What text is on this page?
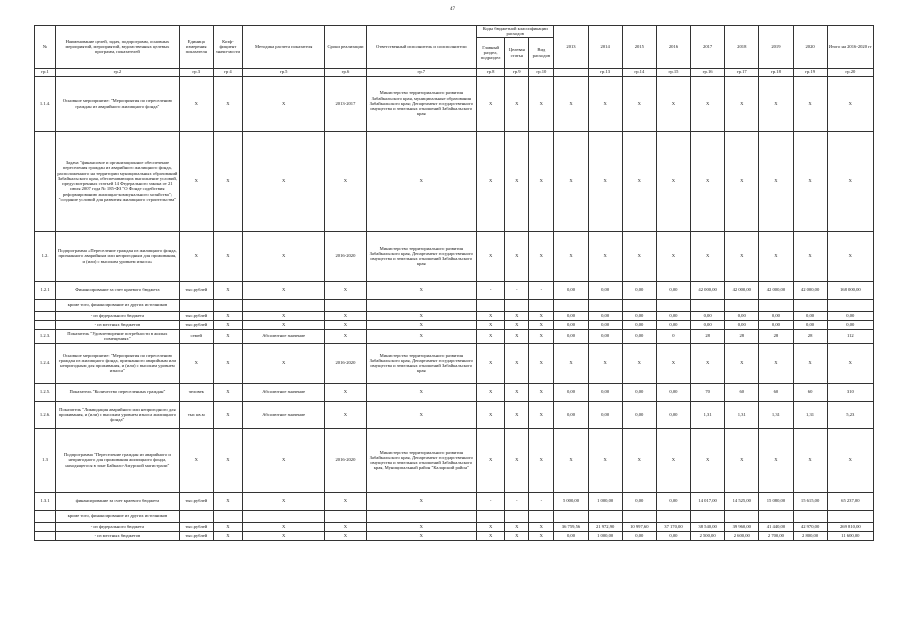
47
№	Наименование целей, задач, подпрограмм, основных мероприятий, мероприятий, ведомственных целевых программ, показателей	Единица измерения показателя	Коэф-фициент значи-мости	Методика расчета показателя	Сроки реализации	Ответственный исполнитель и соисполнители	Коды бюджетной классификации расходов			2013	2014	2015	2016	2017	2018	2019	2020	Итого на 2016-2020 гг
							Главный раздел, подраздел	Целевая статья	Вид расходов									
гр.1	гр.2	гр.3	гр 4	гр.5	гр.6	гр.7	гр.8	гр.9	гр.10		гр.13	гр.14	гр.15	гр.16	гр.17	гр.18	гр.19	гр.20
1.1.4.	Основное мероприятие: "Мероприятия по переселению граждан из аварийного жилищного фонда"	X	X	X	2013-2017	Министерство территориального развития Забайкальского края, муниципальные образования Забайкальского края; Департамент государственного имущества и земельных отношений Забайкальского края	X	X	X	X	X	X	X	X	X	X	X	X
	Задача "финансовое и организационное обеспечение переселения граждан из аварийного жилищного фонда, расположенного на территории муниципальных образований Забайкальского края, обеспечивающих выполнение условий, предусмотренных статьей 14 Федерального закона от 21 июля 2007 года № 185-ФЗ "О Фонде содействия реформированию жилищно-коммунального хозяйства"; "создание условий для развития жилищного строительства"	X	X	X	X	X	X	X	X	X	X	X	X	X	X	X	X	X
1.2.	Подпрограмма «Переселение граждан из жилищного фонда, признанного аварийным или непригодным для проживания, и (или) с высоким уровнем износа»	X	X	X	2016-2020	Министерство территориального развития Забайкальского края, Департамент государственного имущества и земельных отношений Забайкальского края	X	X	X	X	X	X	X	X	X	X	X	X
1.2.1	Финансирование за счет краевого бюджета	тыс.рублей	X	X	X	X	-	-	-	0,00	0,00	0,00	0,00	42 000,00	42 000,00	42 000,00	42 000,00	168 000,00
	кроме того, финансирование из других источников																	
	- из федерального бюджета	тыс.рублей	X	X	X	X	X	X	X	0,00	0,00	0,00	0,00	0,00	0,00	0,00	0,00	0,00
	- из местных бюджетов	тыс.рублей	X	X	X	X	X	X	X	0,00	0,00	0,00	0,00	0,00	0,00	0,00	0,00	0,00
1.2.3.	Показатель "Удовлетворение потребности в жилых помещениях"	семей	X	Абсолютное значение	X	X	X	X	X	0,00	0,00	0,00	0	28	28	28	28	112
1.2.4.	Основное мероприятие: "Мероприятия по переселению граждан из жилищного фонда, признанного аварийным или непригодным для проживания, и (или) с высоким уровнем износа"	X	X	X	2016-2020	Министерство территориального развития Забайкальского края, Департамент государственного имущества и земельных отношений Забайкальского края	X	X	X	X	X	X	X	X	X	X	X	X
1.2.5.	Показатель "Количество переселенных граждан"	человек	X	Абсолютное значение	X	X	X	X	X	0,00	0,00	0,00	0,00	70	60	60	60	310
1.2.6.	Показатель "Ликвидация аварийного или непригодного для проживания, и (или) с высоким уровнем износа жилищного фонда"	тыс кв.м	X	Абсолютное значение	X	X	X	X	X	0,00	0,00	0,00	0,00	1,31	1,31	1,31	1,31	5,23
1.3	Подпрограмма "Переселение граждан из аварийного и непригодного для проживания жилищного фонда, находящегося в зоне Байкало-Амурской магистрали"	X	X	X	2016-2020	Министерство территориального развития Забайкальского края, Департамент государственного имущества и земельных отношений Забайкальского края, Муниципальный район "Каларский район"	X	X	X	X	X	X	X	X	X	X	X	X
1.3.1	финансирование за счет краевого бюджета	тыс.рублей	X	X	X	X	-	-	-	5 000,00	1 000,00	0,00	0,00	14 017,00	14 525,00	15 080,00	15 615,00	65 237,00
	кроме того, финансирование из других источников																	
	- из федерального бюджета	тыс.рублей	X	X	X	X	X	X	X	36 759,56	21 972,90	10 997,60	37 170,00	38 540,00	39 960,00	41 440,00	42 970,00	269 810,00
	- из местных бюджетов	тыс.рублей	X	X	X	X	X	X	X	0,00	1 000,00	0,00	0,00	2 500,00	2 600,00	2 700,00	2 800,00	11 600,00
